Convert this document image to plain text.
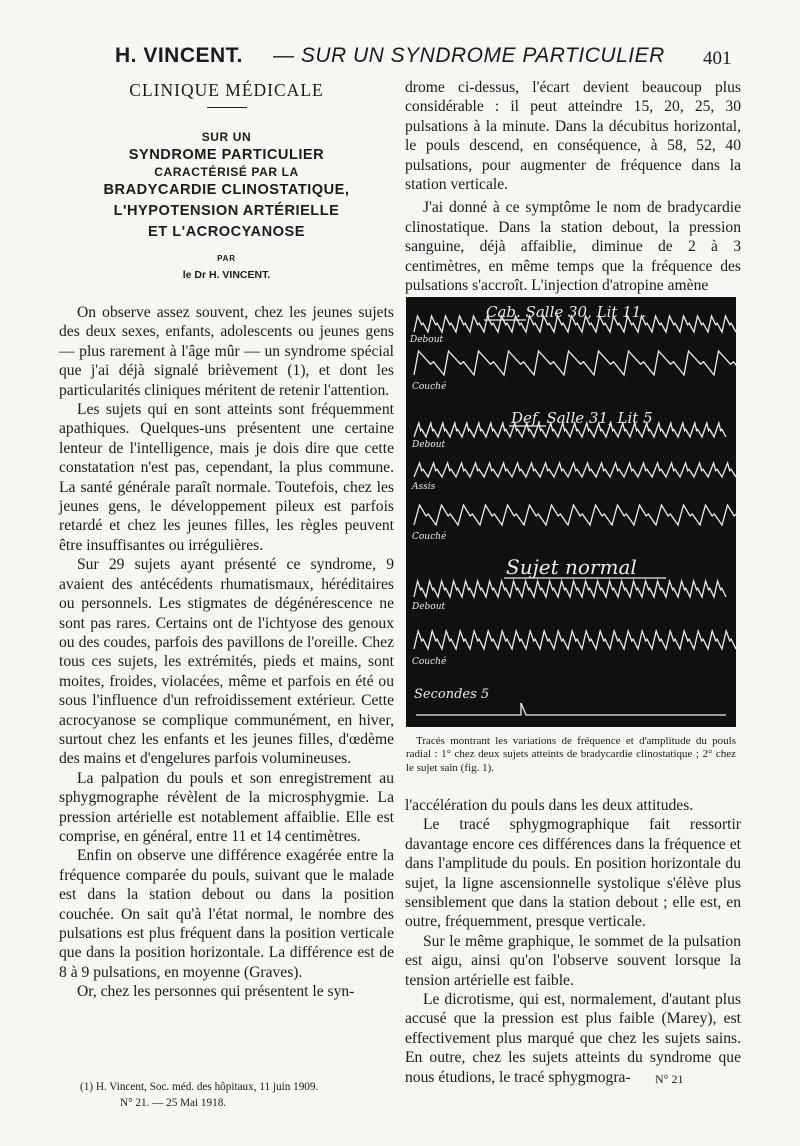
H. VINCENT. — SUR UN SYNDROME PARTICULIER 401
CLINIQUE MÉDICALE

SUR UN

SYNDROME PARTICULIER

CARACTÉRISÉ PAR LA

BRADYCARDIE CLINOSTATIQUE,

L'HYPOTENSION ARTÉRIELLE

ET L'ACROCYANOSE

PAR

le Dr H. VINCENT.

On observe assez souvent, chez les jeunes sujets des deux sexes, enfants, adolescents ou jeunes gens — plus rarement à l'âge mûr — un syndrome spécial que j'ai déjà signalé brièvement (1), et dont les particularités cliniques méritent de retenir l'attention.

Les sujets qui en sont atteints sont fréquemment apathiques. Quelques-uns présentent une certaine lenteur de l'intelligence, mais je dois dire que cette constatation n'est pas, cependant, la plus commune. La santé générale paraît normale. Toutefois, chez les jeunes gens, le développement pileux est parfois retardé et chez les jeunes filles, les règles peuvent être insuffisantes ou irrégulières.

Sur 29 sujets ayant présenté ce syndrome, 9 avaient des antécédents rhumatismaux, héréditaires ou personnels. Les stigmates de dégénérescence ne sont pas rares. Certains ont de l'ichtyose des genoux ou des coudes, parfois des pavillons de l'oreille. Chez tous ces sujets, les extrémités, pieds et mains, sont moites, froides, violacées, même et parfois en été ou sous l'influence d'un refroidissement extérieur. Cette acrocyanose se complique communément, en hiver, surtout chez les enfants et les jeunes filles, d'œdème des mains et d'engelures parfois volumineuses.

La palpation du pouls et son enregistrement au sphygmographe révèlent de la microsphygmie. La pression artérielle est notablement affaiblie. Elle est comprise, en général, entre 11 et 14 centimètres.

Enfin on observe une différence exagérée entre la fréquence comparée du pouls, suivant que le malade est dans la station debout ou dans la position couchée. On sait qu'à l'état normal, le nombre des pulsations est plus fréquent dans la position verticale que dans la position horizontale. La différence est de 8 à 9 pulsations, en moyenne (Graves).

Or, chez les personnes qui présentent le syn-

drome ci-dessus, l'écart devient beaucoup plus considérable : il peut atteindre 15, 20, 25, 30 pulsations à la minute. Dans la décubitus horizontal, le pouls descend, en conséquence, à 58, 52, 40 pulsations, pour augmenter de fréquence dans la station verticale.

J'ai donné à ce symptôme le nom de bradycardie clinostatique. Dans la station debout, la pression sanguine, déjà affaiblie, diminue de 2 à 3 centimètres, en même temps que la fréquence des pulsations s'accroît. L'injection d'atropine amène

Cab. Salle 30, Lit 11.
Def. Salle 31, Lit 5
Sujet normal
Debout
Couché
Debout
Assis
Couché
Debout
Couché
Secondes 5

Tracés montrant les variations de fréquence et d'amplitude du pouls radial : 1° chez deux sujets atteints de bradycardie clinostatique ; 2° chez le sujet sain (fig. 1).

l'accélération du pouls dans les deux attitudes.

Le tracé sphygmographique fait ressortir davantage encore ces différences dans la fréquence et dans l'amplitude du pouls. En position horizontale du sujet, la ligne ascensionnelle systolique s'élève plus sensiblement que dans la station debout ; elle est, en outre, fréquemment, presque verticale.

Sur le même graphique, le sommet de la pulsation est aigu, ainsi qu'on l'observe souvent lorsque la tension artérielle est faible.

Le dicrotisme, qui est, normalement, d'autant plus accusé que la pression est plus faible (Marey), est effectivement plus marqué que chez les sujets sains. En outre, chez les sujets atteints du syndrome que nous étudions, le tracé sphygmogra-

(1) H. Vincent, Soc. méd. des hôpitaux, 11 juin 1909.
N° 21. — 25 Mai 1918.
N° 21
